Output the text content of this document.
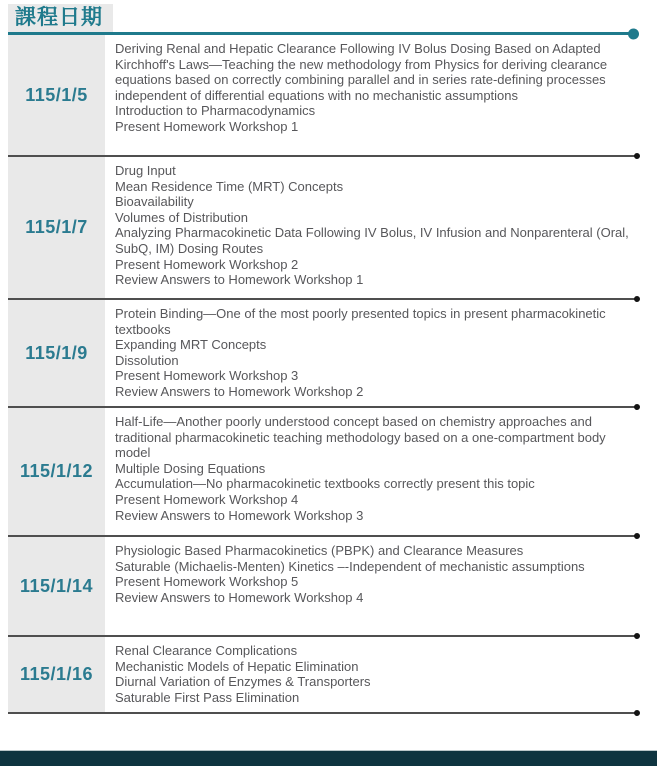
課程日期
115/1/5

Deriving Renal and Hepatic Clearance Following IV Bolus Dosing Based on Adapted Kirchhoff's Laws—Teaching the new methodology from Physics for deriving clearance equations based on correctly combining parallel and in series rate-defining processes independent of differential equations with no mechanistic assumptions

Introduction to Pharmacodynamics

Present Homework Workshop 1

115/1/7

Drug Input

Mean Residence Time (MRT) Concepts

Bioavailability

Volumes of Distribution

Analyzing Pharmacokinetic Data Following IV Bolus, IV Infusion and Nonparenteral (Oral, SubQ, IM) Dosing Routes

Present Homework Workshop 2

Review Answers to Homework Workshop 1

115/1/9

Protein Binding—One of the most poorly presented topics in present pharmacokinetic textbooks

Expanding MRT Concepts

Dissolution

Present Homework Workshop 3

Review Answers to Homework Workshop 2

115/1/12

Half-Life—Another poorly understood concept based on chemistry approaches and traditional pharmacokinetic teaching methodology based on a one-compartment body model

Multiple Dosing Equations

Accumulation—No pharmacokinetic textbooks correctly present this topic

Present Homework Workshop 4

Review Answers to Homework Workshop 3

115/1/14

Physiologic Based Pharmacokinetics (PBPK) and Clearance Measures

Saturable (Michaelis-Menten) Kinetics –-Independent of mechanistic assumptions

Present Homework Workshop 5

Review Answers to Homework Workshop 4

115/1/16

Renal Clearance Complications

Mechanistic Models of Hepatic Elimination

Diurnal Variation of Enzymes & Transporters

Saturable First Pass Elimination
